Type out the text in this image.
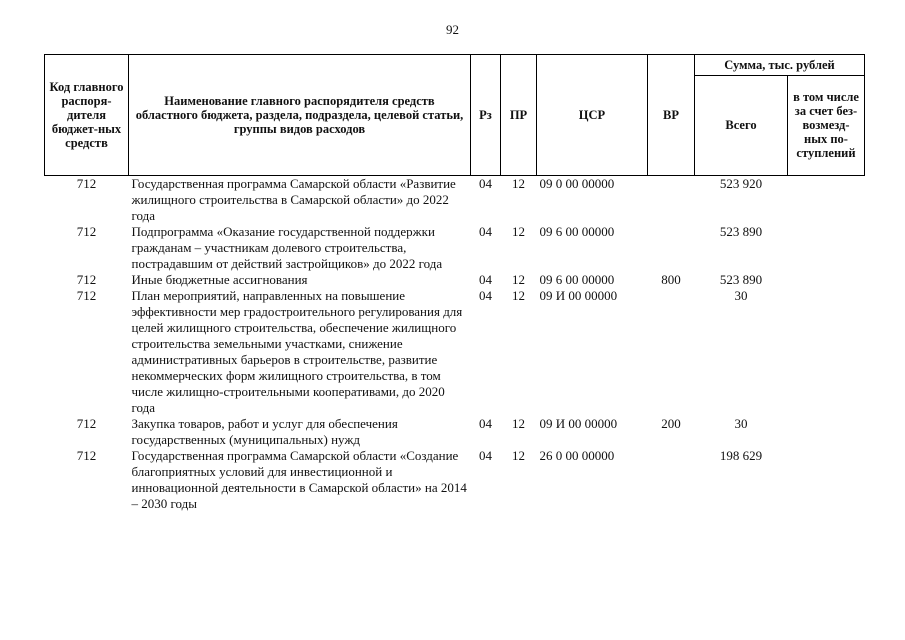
92
Код главного распоря-дителя бюджет-ных средств	Наименование главного распорядителя средств областного бюджета, раздела, подраздела, целевой статьи, группы видов расходов	Рз	ПР	ЦСР	ВР	Сумма, тыс. рублей	
						Всего	в том числе за счет без-возмезд-ных по-ступлений
712	Государственная программа Самарской области «Развитие жилищного строительства в Самарской области» до 2022 года	04	12	09 0 00 00000		523 920	
712	Подпрограмма «Оказание государственной поддержки гражданам – участникам долевого строительства, пострадавшим от действий застройщиков» до 2022 года	04	12	09 6 00 00000		523 890	
712	Иные бюджетные ассигнования	04	12	09 6 00 00000	800	523 890	
712	План мероприятий, направленных на повышение эффективности мер градостроительного регулирования для целей жилищного строительства, обеспечение жилищного строительства земельными участками, снижение административных барьеров в строительстве, развитие некоммерческих форм жилищного строительства, в том числе жилищно-строительными кооперативами, до 2020 года	04	12	09 И 00 00000		30	
712	Закупка товаров, работ и услуг для обеспечения государственных (муниципальных) нужд	04	12	09 И 00 00000	200	30	
712	Государственная программа Самарской области «Создание благоприятных условий для инвестиционной и инновационной деятельности в Самарской области» на 2014 – 2030 годы	04	12	26 0 00 00000		198 629	
